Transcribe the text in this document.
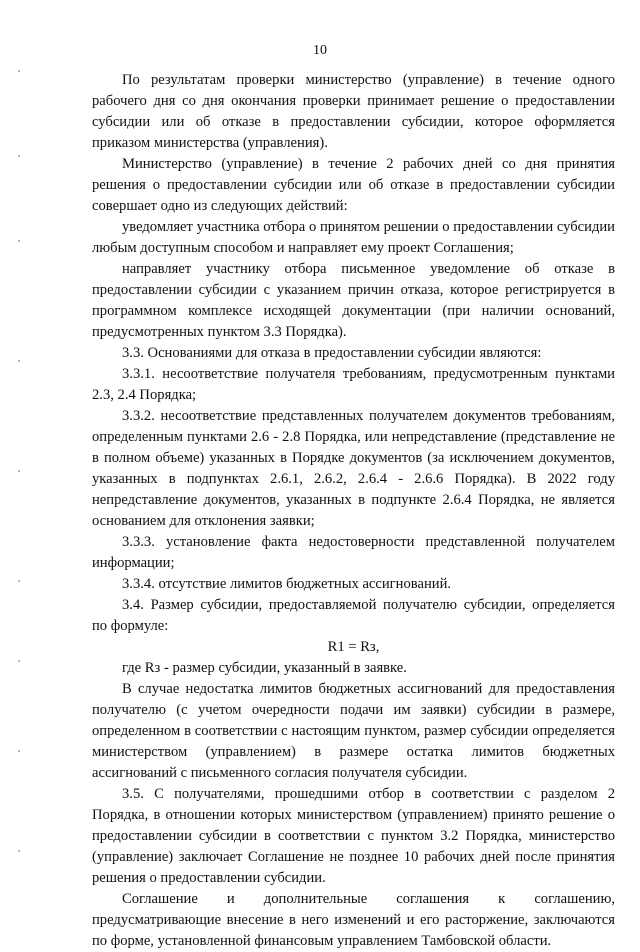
10

По результатам проверки министерство (управление) в течение одного рабочего дня со дня окончания проверки принимает решение о предоставлении субсидии или об отказе в предоставлении субсидии, которое оформляется приказом министерства (управления).

Министерство (управление) в течение 2 рабочих дней со дня принятия решения о предоставлении субсидии или об отказе в предоставлении субсидии совершает одно из следующих действий:

уведомляет участника отбора о принятом решении о предоставлении субсидии любым доступным способом и направляет ему проект Соглашения;

направляет участнику отбора письменное уведомление об отказе в предоставлении субсидии с указанием причин отказа, которое регистрируется в программном комплексе исходящей документации (при наличии оснований, предусмотренных пунктом 3.3 Порядка).

3.3. Основаниями для отказа в предоставлении субсидии являются:

3.3.1. несоответствие получателя требованиям, предусмотренным пунктами 2.3, 2.4 Порядка;

3.3.2. несоответствие представленных получателем документов требованиям, определенным пунктами 2.6 - 2.8 Порядка, или непредставление (представление не в полном объеме) указанных в Порядке документов (за исключением документов, указанных в подпунктах 2.6.1, 2.6.2, 2.6.4 - 2.6.6 Порядка). В 2022 году непредставление документов, указанных в подпункте 2.6.4 Порядка, не является основанием для отклонения заявки;

3.3.3. установление факта недостоверности представленной получателем информации;

3.3.4. отсутствие лимитов бюджетных ассигнований.

3.4. Размер субсидии, предоставляемой получателю субсидии, определяется по формуле:

R1 = Rз,

где Rз - размер субсидии, указанный в заявке.

В случае недостатка лимитов бюджетных ассигнований для предоставления получателю (с учетом очередности подачи им заявки) субсидии в размере, определенном в соответствии с настоящим пунктом, размер субсидии определяется министерством (управлением) в размере остатка лимитов бюджетных ассигнований с письменного согласия получателя субсидии.

3.5. С получателями, прошедшими отбор в соответствии с разделом 2 Порядка, в отношении которых министерством (управлением) принято решение о предоставлении субсидии в соответствии с пунктом 3.2 Порядка, министерство (управление) заключает Соглашение не позднее 10 рабочих дней после принятия решения о предоставлении субсидии.

Соглашение и дополнительные соглашения к соглашению, предусматривающие внесение в него изменений и его расторжение, заключаются по форме, установленной финансовым управлением Тамбовской области.
